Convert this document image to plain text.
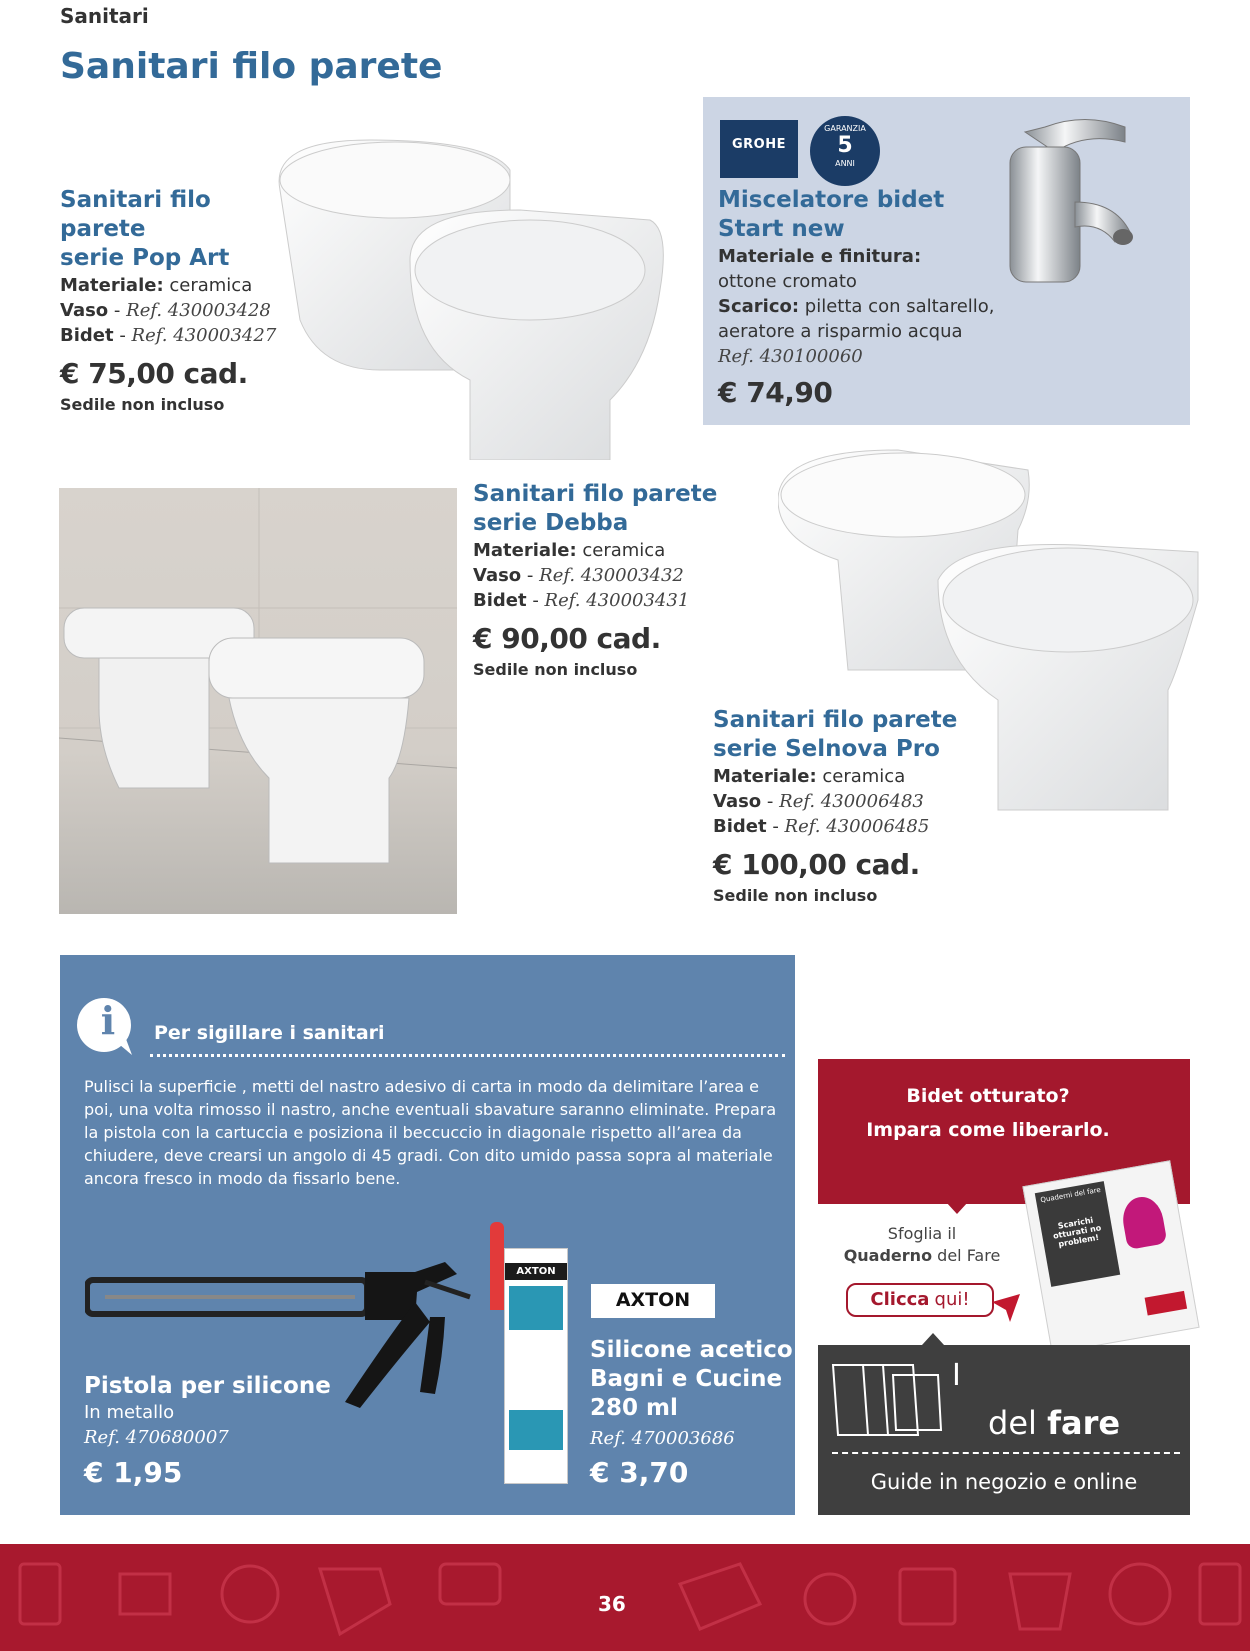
Sanitari
Sanitari filo parete
Sanitari filo
parete
serie Pop Art
Materiale: ceramica
Vaso - Ref. 430003428
Bidet - Ref. 430003427
€ 75,00 cad.
Sedile non incluso
GROHE
GARANZIA
5
ANNI
Miscelatore bidet
Start new
Materiale e finitura:
ottone cromato
Scarico: piletta con saltarello,
aeratore a risparmio acqua
Ref. 430100060
€ 74,90
Sanitari filo parete
serie Debba
Materiale: ceramica
Vaso - Ref. 430003432
Bidet - Ref. 430003431
€ 90,00 cad.
Sedile non incluso
Sanitari filo parete
serie Selnova Pro
Materiale: ceramica
Vaso - Ref. 430006483
Bidet - Ref. 430006485
€ 100,00 cad.
Sedile non incluso
i	Per sigillare i sanitari
Pulisci la superficie , metti del nastro adesivo di carta in modo da delimitare l’area e poi, una volta rimosso il nastro, anche eventuali sbavature saranno eliminate. Prepara la pistola con la cartuccia e posiziona il beccuccio in diagonale rispetto all’area da chiudere, deve crearsi un angolo di 45 gradi. Con dito umido passa sopra al materiale ancora fresco in modo da fissarlo bene.
Pistola per silicone
In metallo
Ref. 470680007
€ 1,95
AXTON
AXTON
Silicone acetico
Bagni e Cucine
280 ml
Ref. 470003686
€ 3,70
Bidet otturato?
Impara come liberarlo.
Sfoglia il
Quaderno del Fare
Clicca qui!
Quaderni del fare
Scarichi otturati no problem!
I
del fare
Guide in negozio e online
36
